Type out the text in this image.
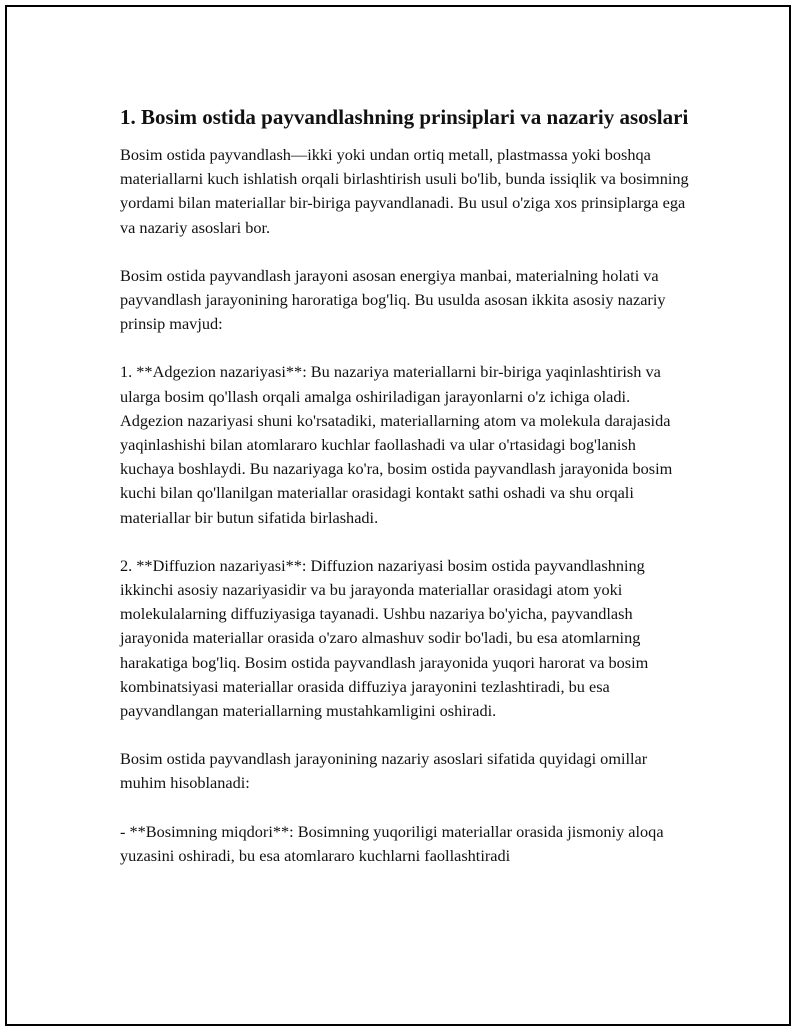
1. Bosim ostida payvandlashning prinsiplari va nazariy asoslari

Bosim ostida payvandlash—ikki yoki undan ortiq metall, plastmassa yoki boshqa materiallarni kuch ishlatish orqali birlashtirish usuli bo'lib, bunda issiqlik va bosimning yordami bilan materiallar bir-biriga payvandlanadi. Bu usul o'ziga xos prinsiplarga ega va nazariy asoslari bor.

Bosim ostida payvandlash jarayoni asosan energiya manbai, materialning holati va payvandlash jarayonining haroratiga bog'liq. Bu usulda asosan ikkita asosiy nazariy prinsip mavjud:

1. **Adgezion nazariyasi**: Bu nazariya materiallarni bir-biriga yaqinlashtirish va ularga bosim qo'llash orqali amalga oshiriladigan jarayonlarni o'z ichiga oladi. Adgezion nazariyasi shuni ko'rsatadiki, materiallarning atom va molekula darajasida yaqinlashishi bilan atomlararo kuchlar faollashadi va ular o'rtasidagi bog'lanish kuchaya boshlaydi. Bu nazariyaga ko'ra, bosim ostida payvandlash jarayonida bosim kuchi bilan qo'llanilgan materiallar orasidagi kontakt sathi oshadi va shu orqali materiallar bir butun sifatida birlashadi.

2. **Diffuzion nazariyasi**: Diffuzion nazariyasi bosim ostida payvandlashning ikkinchi asosiy nazariyasidir va bu jarayonda materiallar orasidagi atom yoki molekulalarning diffuziyasiga tayanadi. Ushbu nazariya bo'yicha, payvandlash jarayonida materiallar orasida o'zaro almashuv sodir bo'ladi, bu esa atomlarning harakatiga bog'liq. Bosim ostida payvandlash jarayonida yuqori harorat va bosim kombinatsiyasi materiallar orasida diffuziya jarayonini tezlashtiradi, bu esa payvandlangan materiallarning mustahkamligini oshiradi.

Bosim ostida payvandlash jarayonining nazariy asoslari sifatida quyidagi omillar muhim hisoblanadi:

- **Bosimning miqdori**: Bosimning yuqoriligi materiallar orasida jismoniy aloqa yuzasini oshiradi, bu esa atomlararo kuchlarni faollashtiradi
